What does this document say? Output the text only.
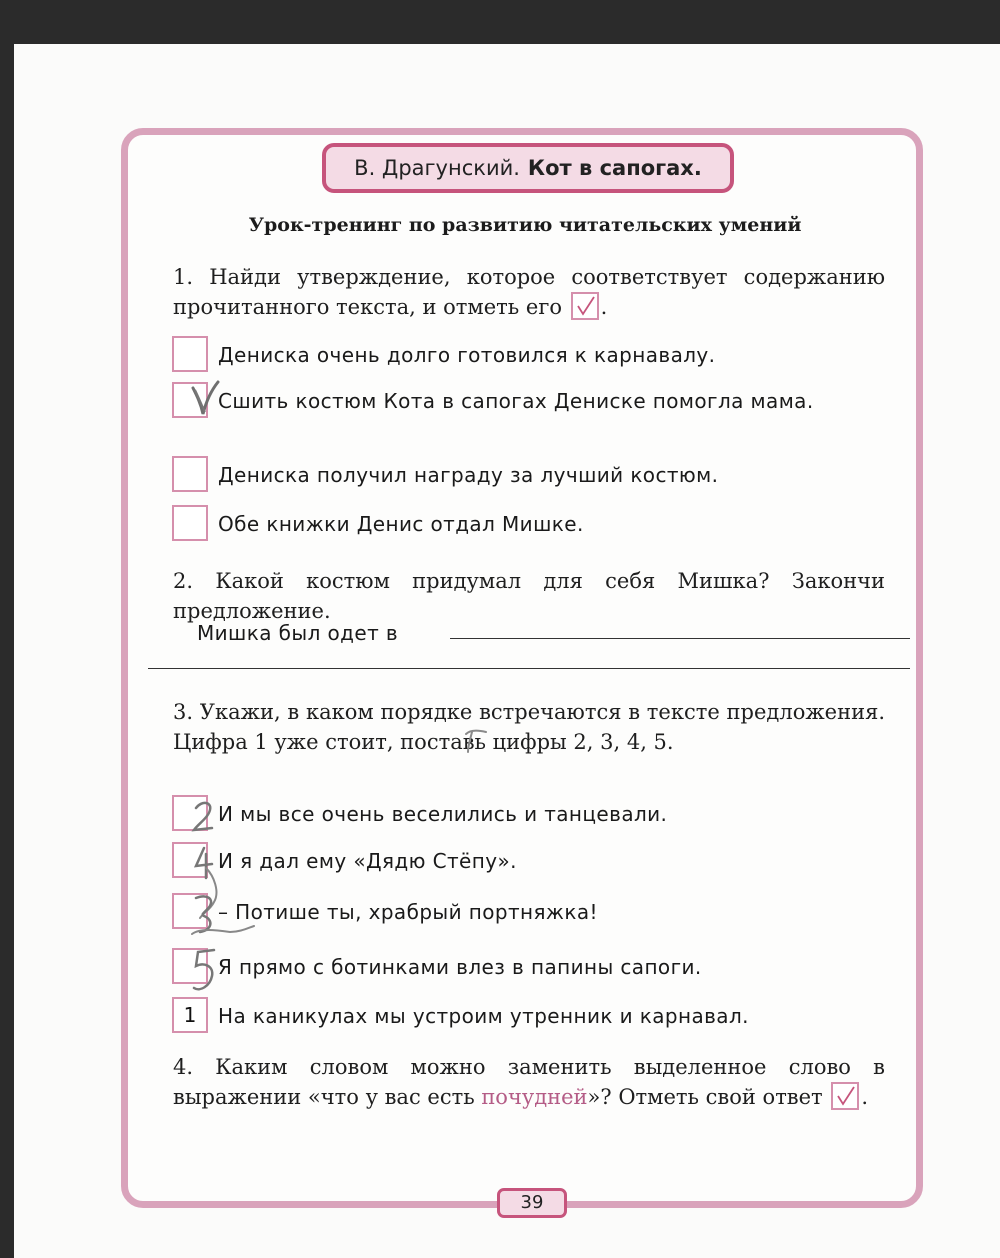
В. Драгунский. Кот в сапогах.
Урок-тренинг по развитию читательских умений
1. Найди утверждение, которое соответствует содержанию прочитанного текста, и отметь его .
Дениска очень долго готовился к карнавалу.
Сшить костюм Кота в сапогах Дениске помогла мама.
Дениска получил награду за лучший костюм.
Обе книжки Денис отдал Мишке.
2. Какой костюм придумал для себя Мишка? Закончи предложение.
Мишка был одет в
3. Укажи, в каком порядке встречаются в тексте предложения. Цифра 1 уже стоит, поставь цифры 2, 3, 4, 5.
И мы все очень веселились и танцевали.
И я дал ему «Дядю Стёпу».
– Потише ты, храбрый портняжка!
Я прямо с ботинками влез в папины сапоги.
1	На каникулах мы устроим утренник и карнавал.
4. Каким словом можно заменить выделенное слово в выражении «что у вас есть почудней»? Отметь свой ответ .
39
